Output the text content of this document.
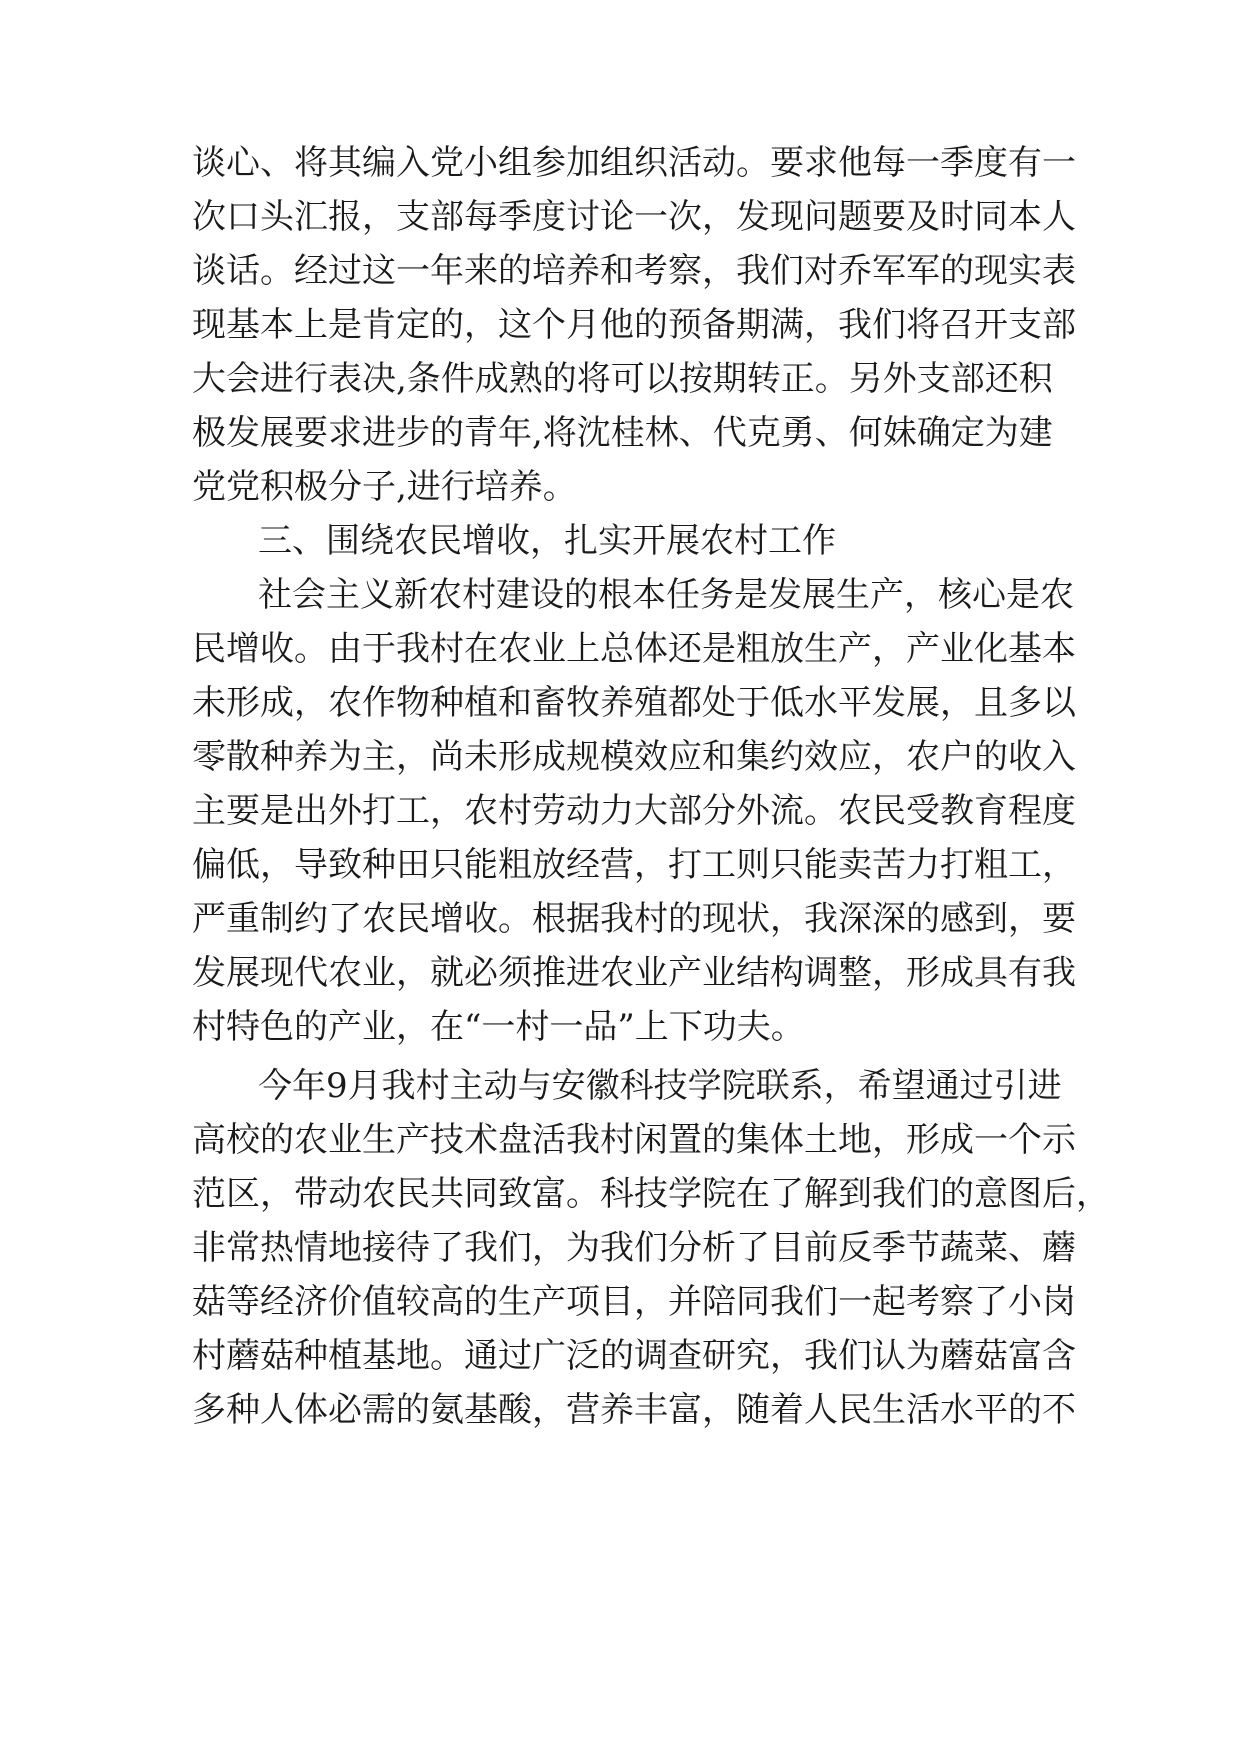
谈心、将其编入党小组参加组织活动。要求他每一季度有一
次口头汇报，支部每季度讨论一次，发现问题要及时同本人
谈话。经过这一年来的培养和考察，我们对乔军军的现实表
现基本上是肯定的，这个月他的预备期满，我们将召开支部
大会进行表决,条件成熟的将可以按期转正。另外支部还积
极发展要求进步的青年,将沈桂林、代克勇、何妹确定为建
党党积极分子,进行培养。
三、围绕农民增收，扎实开展农村工作
社会主义新农村建设的根本任务是发展生产，核心是农
民增收。由于我村在农业上总体还是粗放生产，产业化基本
未形成，农作物种植和畜牧养殖都处于低水平发展，且多以
零散种养为主，尚未形成规模效应和集约效应，农户的收入
主要是出外打工，农村劳动力大部分外流。农民受教育程度
偏低，导致种田只能粗放经营，打工则只能卖苦力打粗工，
严重制约了农民增收。根据我村的现状，我深深的感到，要
发展现代农业，就必须推进农业产业结构调整，形成具有我
村特色的产业，在“一村一品”上下功夫。
今年9月我村主动与安徽科技学院联系，希望通过引进
高校的农业生产技术盘活我村闲置的集体土地，形成一个示
范区，带动农民共同致富。科技学院在了解到我们的意图后，
非常热情地接待了我们，为我们分析了目前反季节蔬菜、蘑
菇等经济价值较高的生产项目，并陪同我们一起考察了小岗
村蘑菇种植基地。通过广泛的调查研究，我们认为蘑菇富含
多种人体必需的氨基酸，营养丰富，随着人民生活水平的不
